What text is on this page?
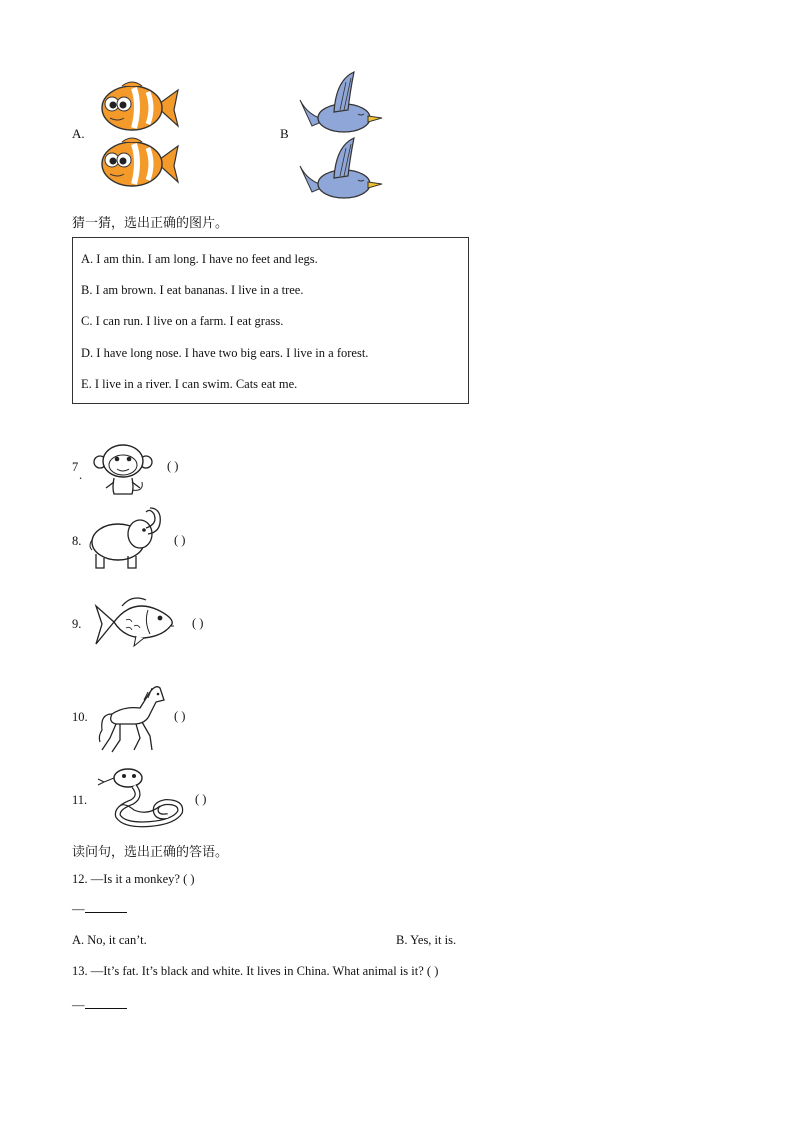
A.	B
猜一猜，选出正确的图片。
A. I am thin. I am long. I have no feet and legs.
B. I am brown. I eat bananas. I live in a tree.
C. I can run. I live on a farm. I eat grass.
D. I have long nose. I have two big ears. I live in a forest.
E. I live in a river. I can swim. Cats eat me.
7
.
( )
8.	( )
9.	( )
10.	( )
11.	( )
读问句，选出正确的答语。
12. —Is it a monkey? ( )
—
A. No, it can’t.	B. Yes, it is.
13. —It’s fat. It’s black and white. It lives in China. What animal is it? ( )
—
